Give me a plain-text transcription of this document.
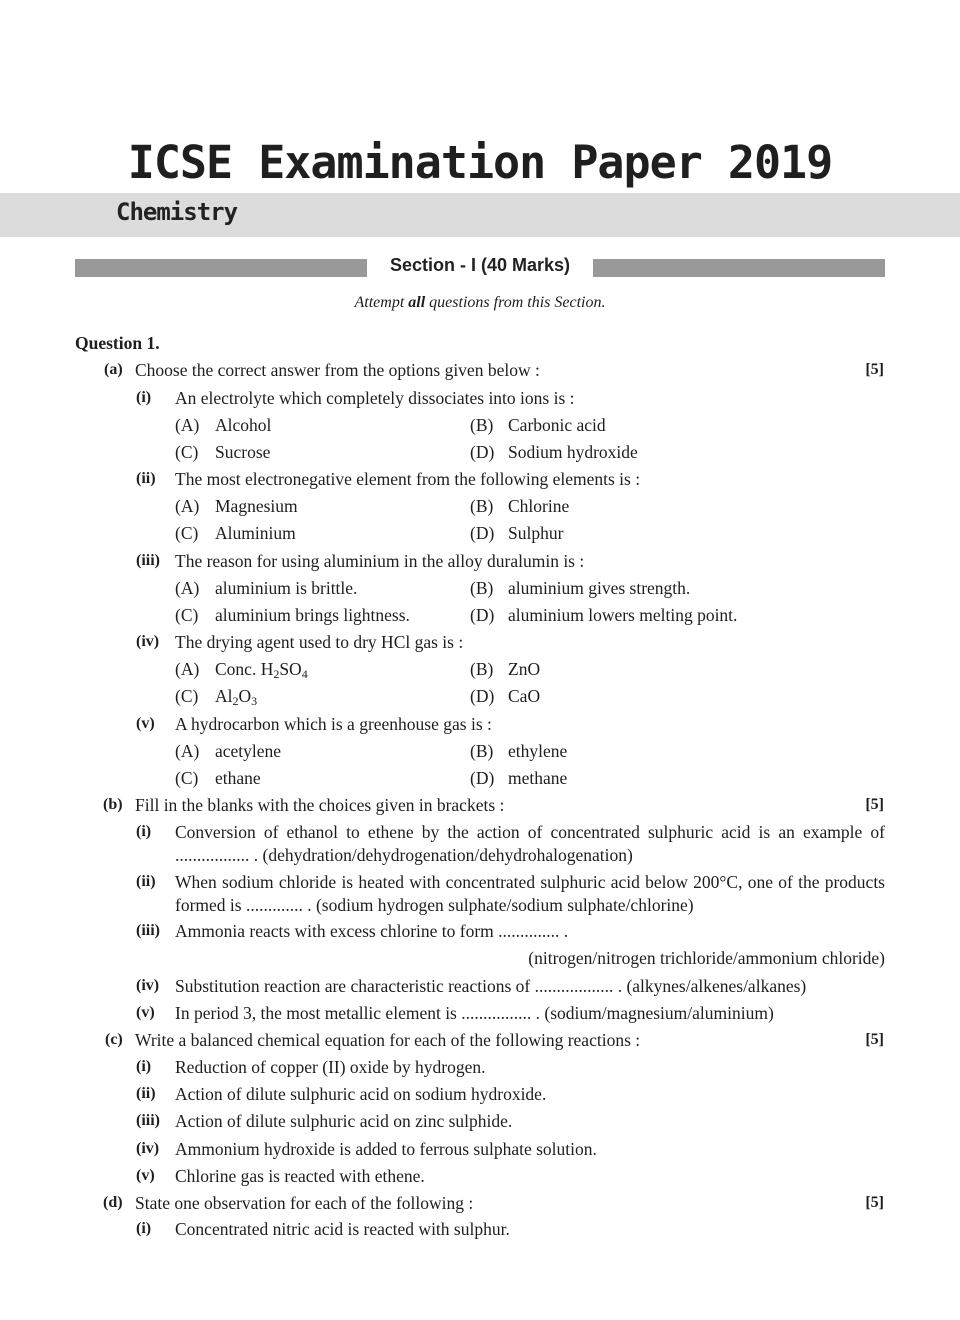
ICSE Examination Paper 2019
Chemistry
Section - I (40 Marks)
Attempt all questions from this Section.
Question 1.
(a) Choose the correct answer from the options given below :	[5]
(i) An electrolyte which completely dissociates into ions is :
(A) Alcohol	(B) Carbonic acid
(C) Sucrose	(D) Sodium hydroxide
(ii) The most electronegative element from the following elements is :
(A) Magnesium	(B) Chlorine
(C) Aluminium	(D) Sulphur
(iii) The reason for using aluminium in the alloy duralumin is :
(A) aluminium is brittle.	(B) aluminium gives strength.
(C) aluminium brings lightness.	(D) aluminium lowers melting point.
(iv) The drying agent used to dry HCl gas is :
(A) Conc. $H_2SO_4$	(B) ZnO
(C) $Al_2O_3$	(D) CaO
(v) A hydrocarbon which is a greenhouse gas is :
(A) acetylene	(B) ethylene
(C) ethane	(D) methane
(b) Fill in the blanks with the choices given in brackets :	[5]
(i) Conversion of ethanol to ethene by the action of concentrated sulphuric acid is an example of ................. . (dehydration/dehydrogenation/dehydrohalogenation)
(ii) When sodium chloride is heated with concentrated sulphuric acid below 200°C, one of the products formed is ............. . (sodium hydrogen sulphate/sodium sulphate/chlorine)
(iii) Ammonia reacts with excess chlorine to form .............. .
(nitrogen/nitrogen trichloride/ammonium chloride)
(iv) Substitution reaction are characteristic reactions of .................. . (alkynes/alkenes/alkanes)
(v) In period 3, the most metallic element is ................ . (sodium/magnesium/aluminium)
(c) Write a balanced chemical equation for each of the following reactions :	[5]
(i) Reduction of copper (II) oxide by hydrogen.
(ii) Action of dilute sulphuric acid on sodium hydroxide.
(iii) Action of dilute sulphuric acid on zinc sulphide.
(iv) Ammonium hydroxide is added to ferrous sulphate solution.
(v) Chlorine gas is reacted with ethene.
(d) State one observation for each of the following :	[5]
(i) Concentrated nitric acid is reacted with sulphur.
